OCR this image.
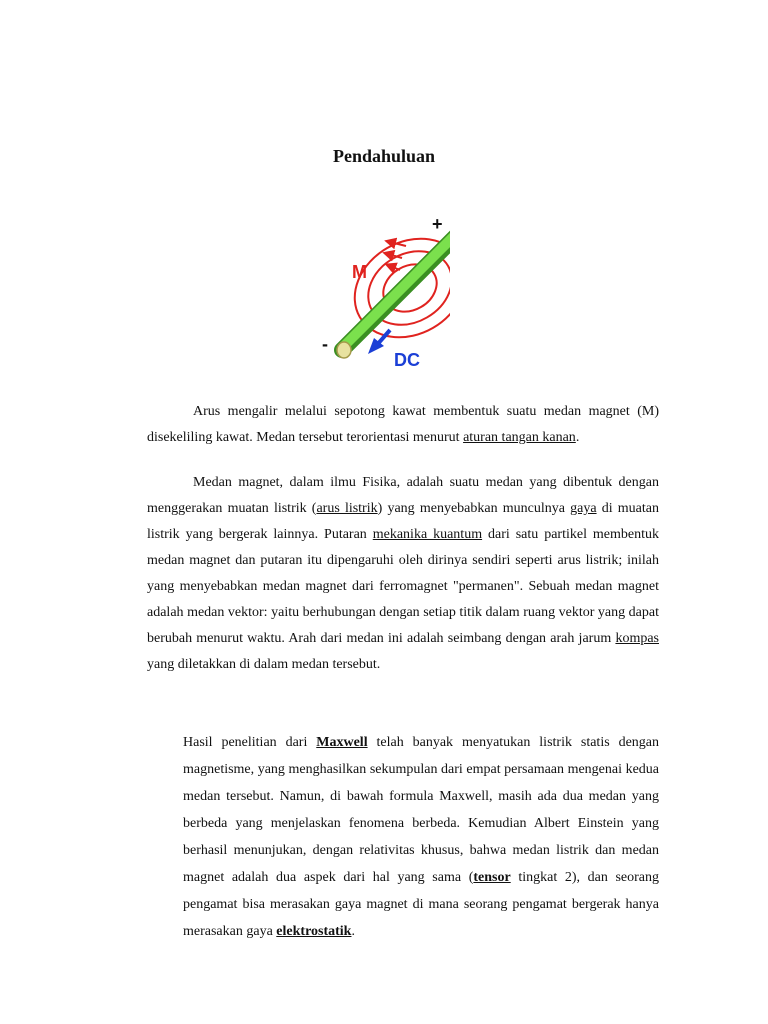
Pendahuluan
+
-
M
DC

Arus mengalir melalui sepotong kawat membentuk suatu medan magnet (M) disekeliling kawat. Medan tersebut terorientasi menurut aturan tangan kanan.

Medan magnet, dalam ilmu Fisika, adalah suatu medan yang dibentuk dengan menggerakan muatan listrik (arus listrik) yang menyebabkan munculnya gaya di muatan listrik yang bergerak lainnya. Putaran mekanika kuantum dari satu partikel membentuk medan magnet dan putaran itu dipengaruhi oleh dirinya sendiri seperti arus listrik; inilah yang menyebabkan medan magnet dari ferromagnet "permanen". Sebuah medan magnet adalah medan vektor: yaitu berhubungan dengan setiap titik dalam ruang vektor yang dapat berubah menurut waktu. Arah dari medan ini adalah seimbang dengan arah jarum kompas yang diletakkan di dalam medan tersebut.

Hasil penelitian dari Maxwell telah banyak menyatukan listrik statis dengan magnetisme, yang menghasilkan sekumpulan dari empat persamaan mengenai kedua medan tersebut. Namun, di bawah formula Maxwell, masih ada dua medan yang berbeda yang menjelaskan fenomena berbeda. Kemudian Albert Einstein yang berhasil menunjukan, dengan relativitas khusus, bahwa medan listrik dan medan magnet adalah dua aspek dari hal yang sama (tensor tingkat 2), dan seorang pengamat bisa merasakan gaya magnet di mana seorang pengamat bergerak hanya merasakan gaya elektrostatik.
